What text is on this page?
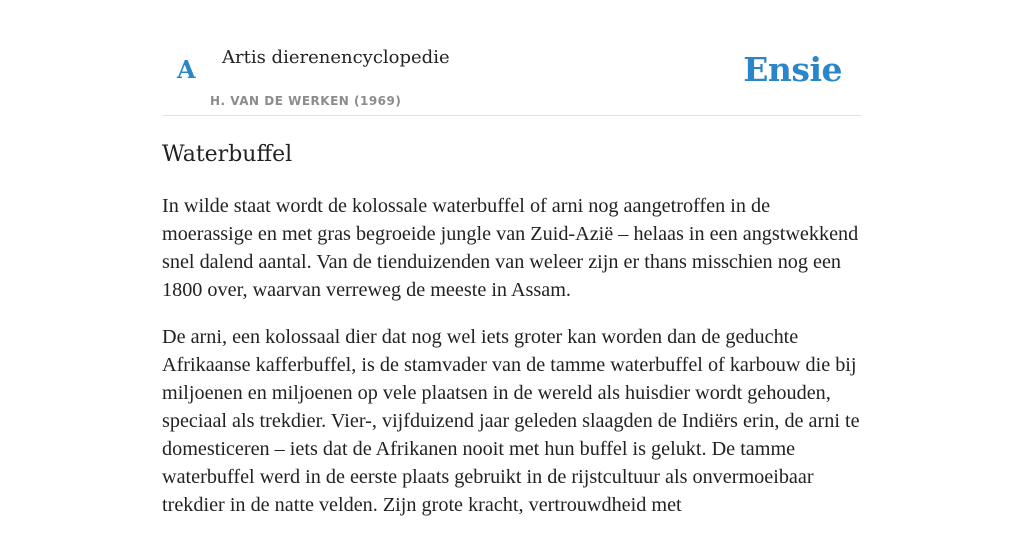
A Artis dierenencyclopedie
H. VAN DE WERKEN (1969)
Ensie
Waterbuffel

In wilde staat wordt de kolossale waterbuffel of arni nog aangetroffen in de moerassige en met gras begroeide jungle van Zuid-Azië – helaas in een angstwekkend snel dalend aantal. Van de tienduizenden van weleer zijn er thans misschien nog een 1800 over, waarvan verreweg de meeste in Assam.

De arni, een kolossaal dier dat nog wel iets groter kan worden dan de geduchte Afrikaanse kafferbuffel, is de stamvader van de tamme waterbuffel of karbouw die bij miljoenen en miljoenen op vele plaatsen in de wereld als huisdier wordt gehouden, speciaal als trekdier. Vier-, vijfduizend jaar geleden slaagden de Indiërs erin, de arni te domesticeren – iets dat de Afrikanen nooit met hun buffel is gelukt. De tamme waterbuffel werd in de eerste plaats gebruikt in de rijstcultuur als onvermoeibaar trekdier in de natte velden. Zijn grote kracht, vertrouwdheid met
